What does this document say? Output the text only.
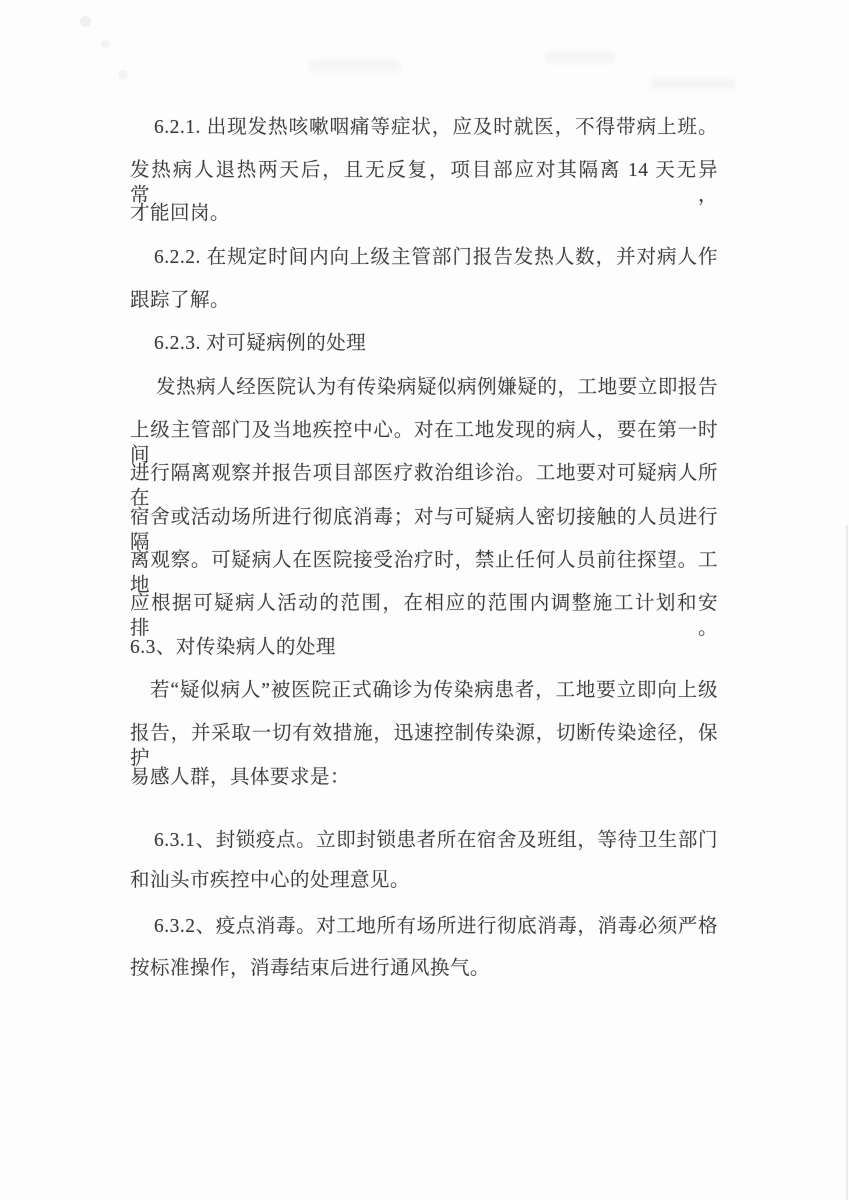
6.2.1. 出现发热咳嗽咽痛等症状，应及时就医，不得带病上班。
发热病人退热两天后，且无反复，项目部应对其隔离 14 天无异常，
才能回岗。
6.2.2. 在规定时间内向上级主管部门报告发热人数，并对病人作
跟踪了解。
6.2.3. 对可疑病例的处理
发热病人经医院认为有传染病疑似病例嫌疑的，工地要立即报告
上级主管部门及当地疾控中心。对在工地发现的病人，要在第一时间
进行隔离观察并报告项目部医疗救治组诊治。工地要对可疑病人所在
宿舍或活动场所进行彻底消毒；对与可疑病人密切接触的人员进行隔
离观察。可疑病人在医院接受治疗时，禁止任何人员前往探望。工地
应根据可疑病人活动的范围，在相应的范围内调整施工计划和安排。
6.3、对传染病人的处理
若“疑似病人”被医院正式确诊为传染病患者，工地要立即向上级
报告，并采取一切有效措施，迅速控制传染源，切断传染途径，保护
易感人群，具体要求是：
6.3.1、封锁疫点。立即封锁患者所在宿舍及班组，等待卫生部门
和汕头市疾控中心的处理意见。
6.3.2、疫点消毒。对工地所有场所进行彻底消毒，消毒必须严格
按标准操作，消毒结束后进行通风换气。
